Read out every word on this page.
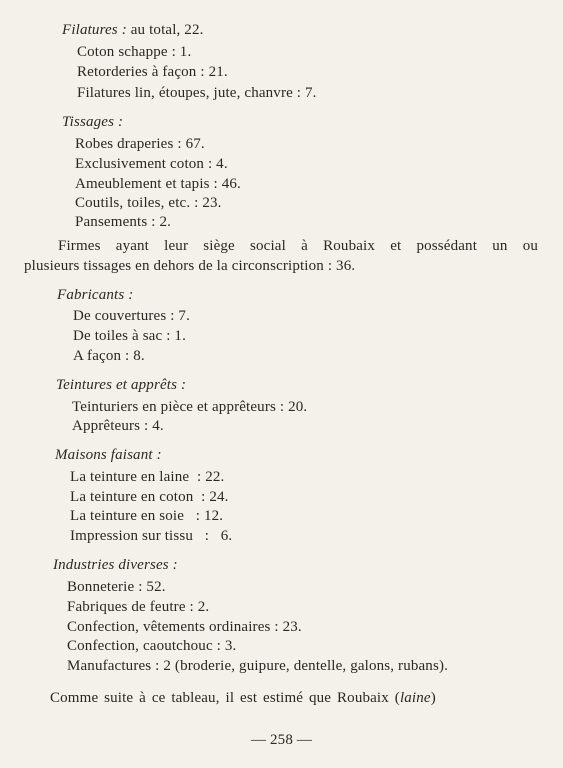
Filatures : au total, 22.
Coton schappe : 1.
Retorderies à façon : 21.
Filatures lin, étoupes, jute, chanvre : 7.
Tissages :
Robes draperies : 67.
Exclusivement coton : 4.
Ameublement et tapis : 46.
Coutils, toiles, etc. : 23.
Pansements : 2.
Firmes ayant leur siège social à Roubaix et possédant un ou
plusieurs tissages en dehors de la circonscription : 36.
Fabricants :
De couvertures : 7.
De toiles à sac : 1.
A façon : 8.
Teintures et apprêts :
Teinturiers en pièce et apprêteurs : 20.
Apprêteurs : 4.
Maisons faisant :
La teinture en laine  : 22.
La teinture en coton  : 24.
La teinture en soie   : 12.
Impression sur tissu   :   6.
Industries diverses :
Bonneterie : 52.
Fabriques de feutre : 2.
Confection, vêtements ordinaires : 23.
Confection, caoutchouc : 3.
Manufactures : 2 (broderie, guipure, dentelle, galons, rubans).
Comme suite à ce tableau, il est estimé que Roubaix (laine)
— 258 —
